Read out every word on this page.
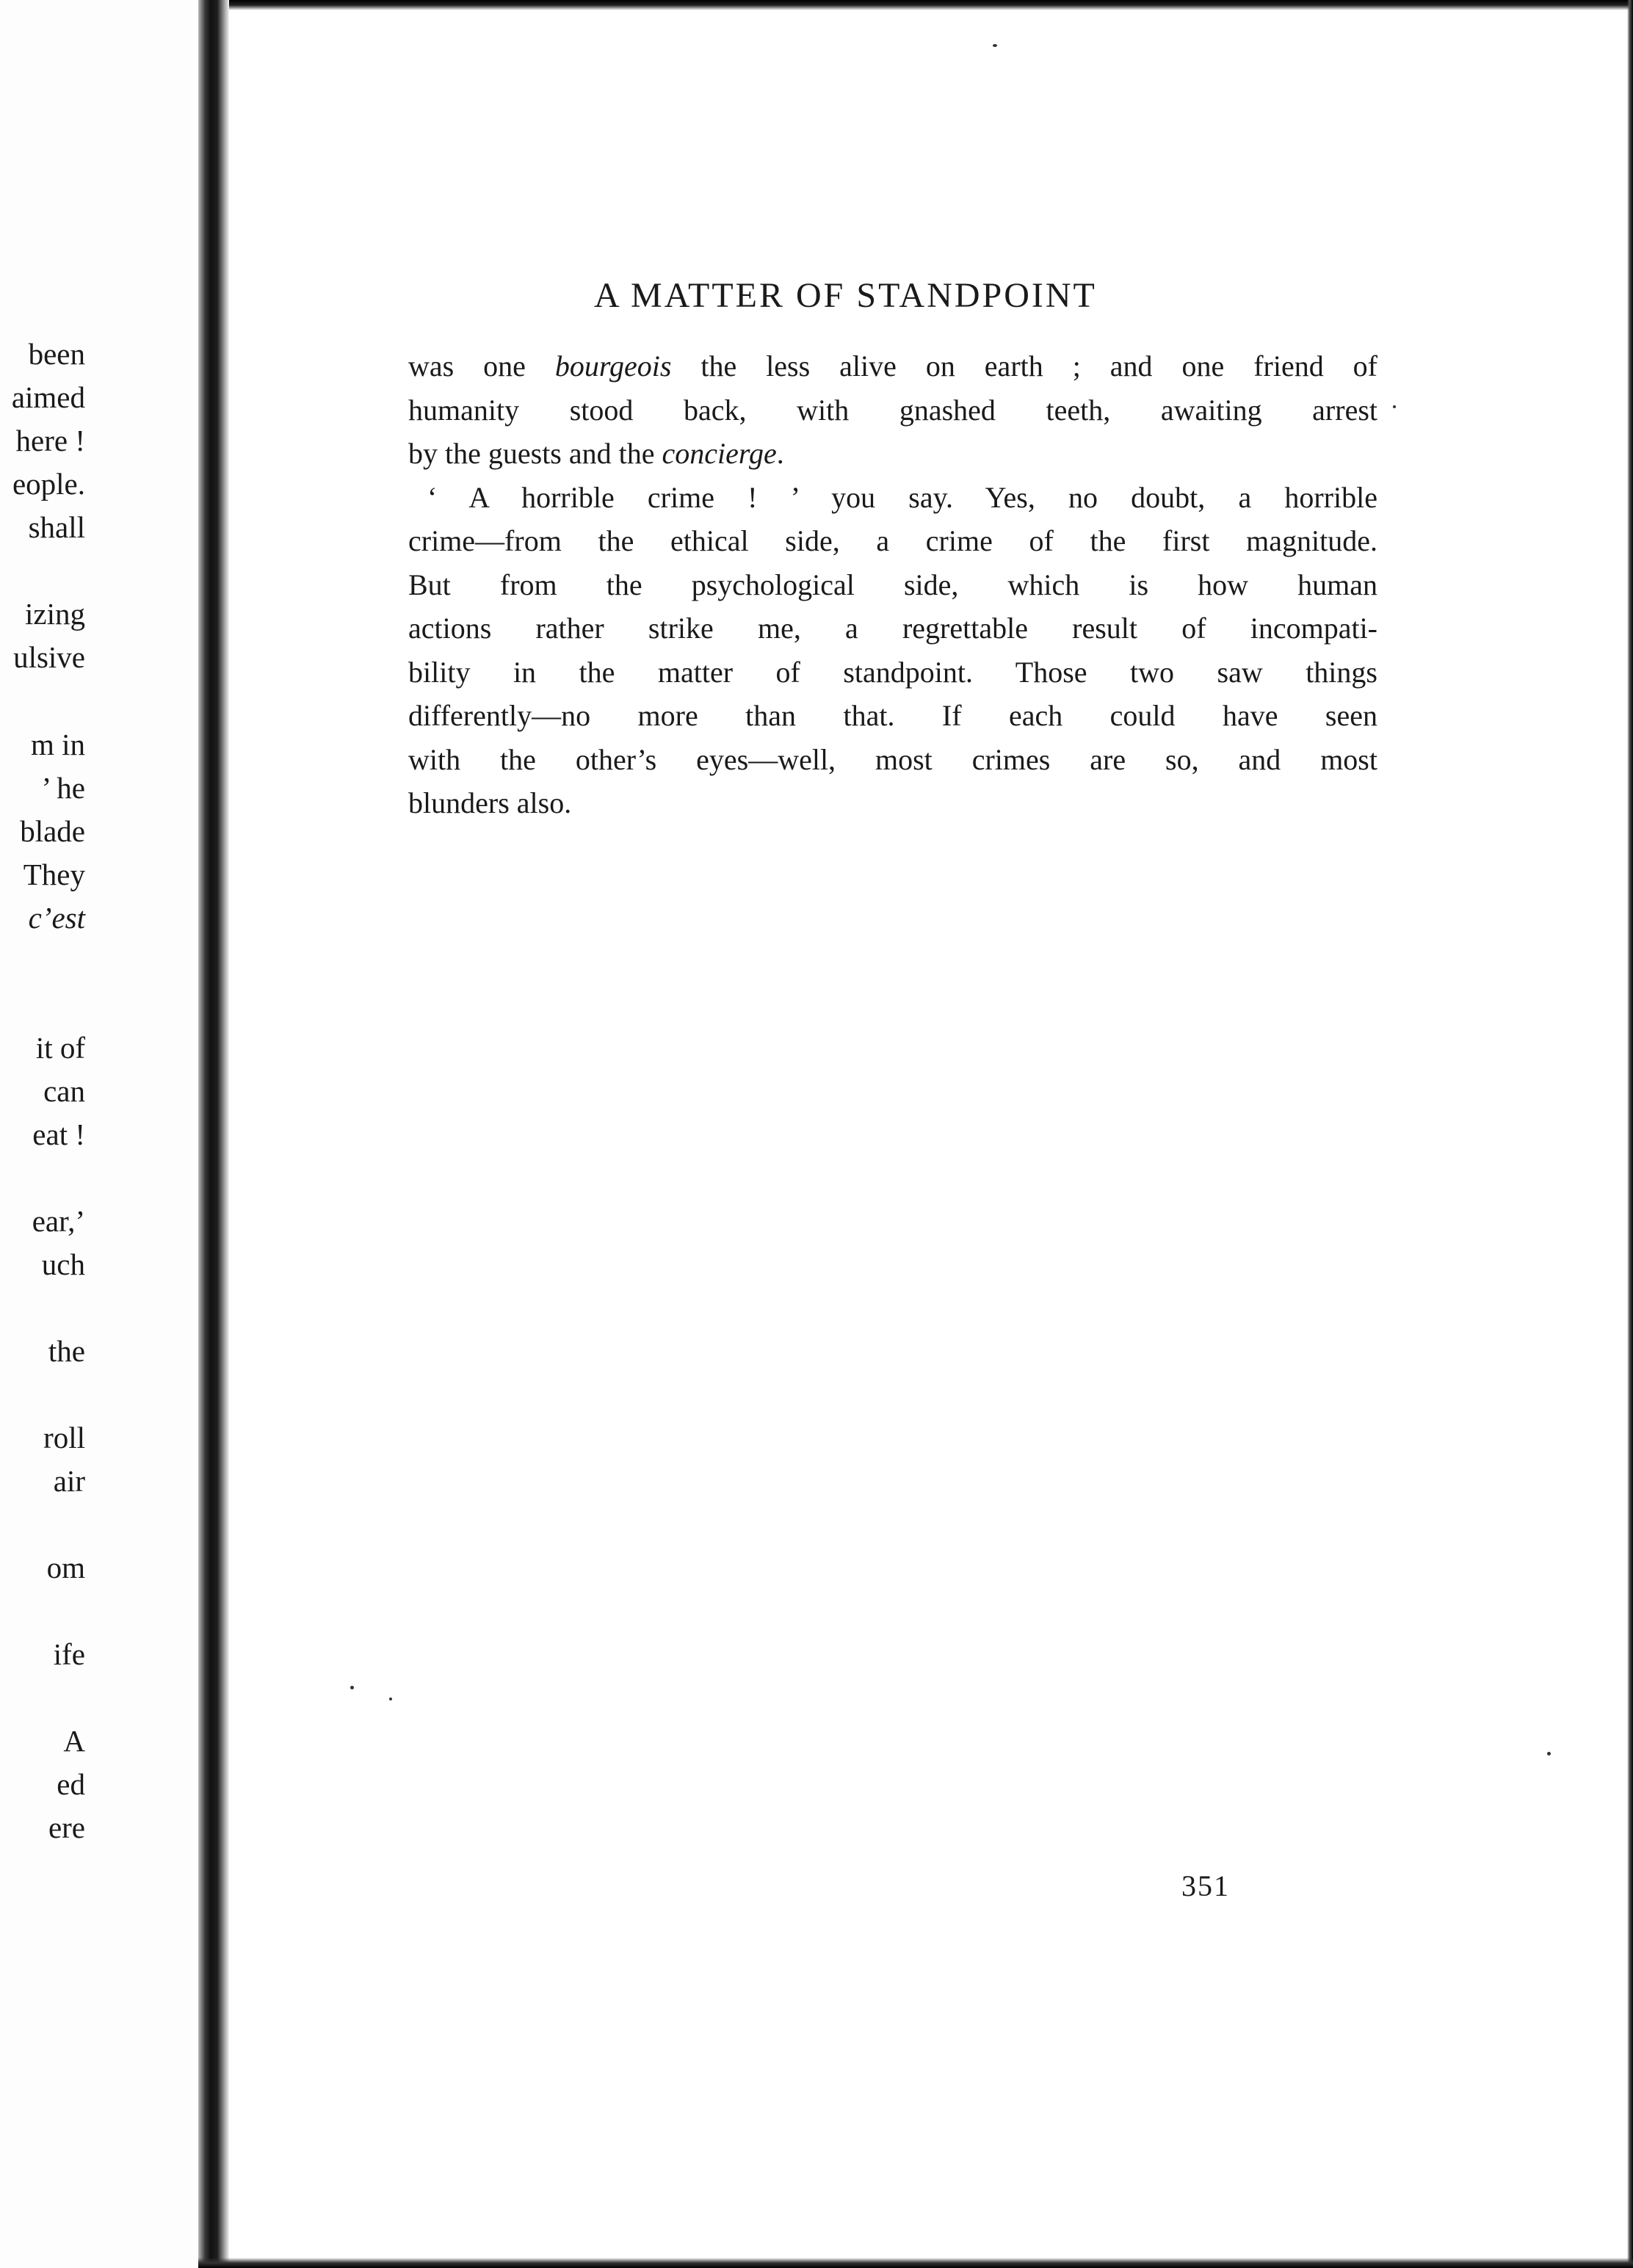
been
aimed
here !
eople.
shall
izing
ulsive
m in
’ he
blade
They
c’est
it of
can
eat !
ear,’
uch
the
roll
air
om
ife
A
ed
ere
A MATTER OF STANDPOINT

was one bourgeois the less alive on earth ; and one friend of
humanity stood back, with gnashed teeth, awaiting arrest
by the guests and the concierge.

‘ A horrible crime ! ’ you say. Yes, no doubt, a horrible
crime—from the ethical side, a crime of the first magnitude.
But from the psychological side, which is how human
actions rather strike me, a regrettable result of incompati-
bility in the matter of standpoint. Those two saw things
differently—no more than that. If each could have seen
with the other’s eyes—well, most crimes are so, and most
blunders also.

351
